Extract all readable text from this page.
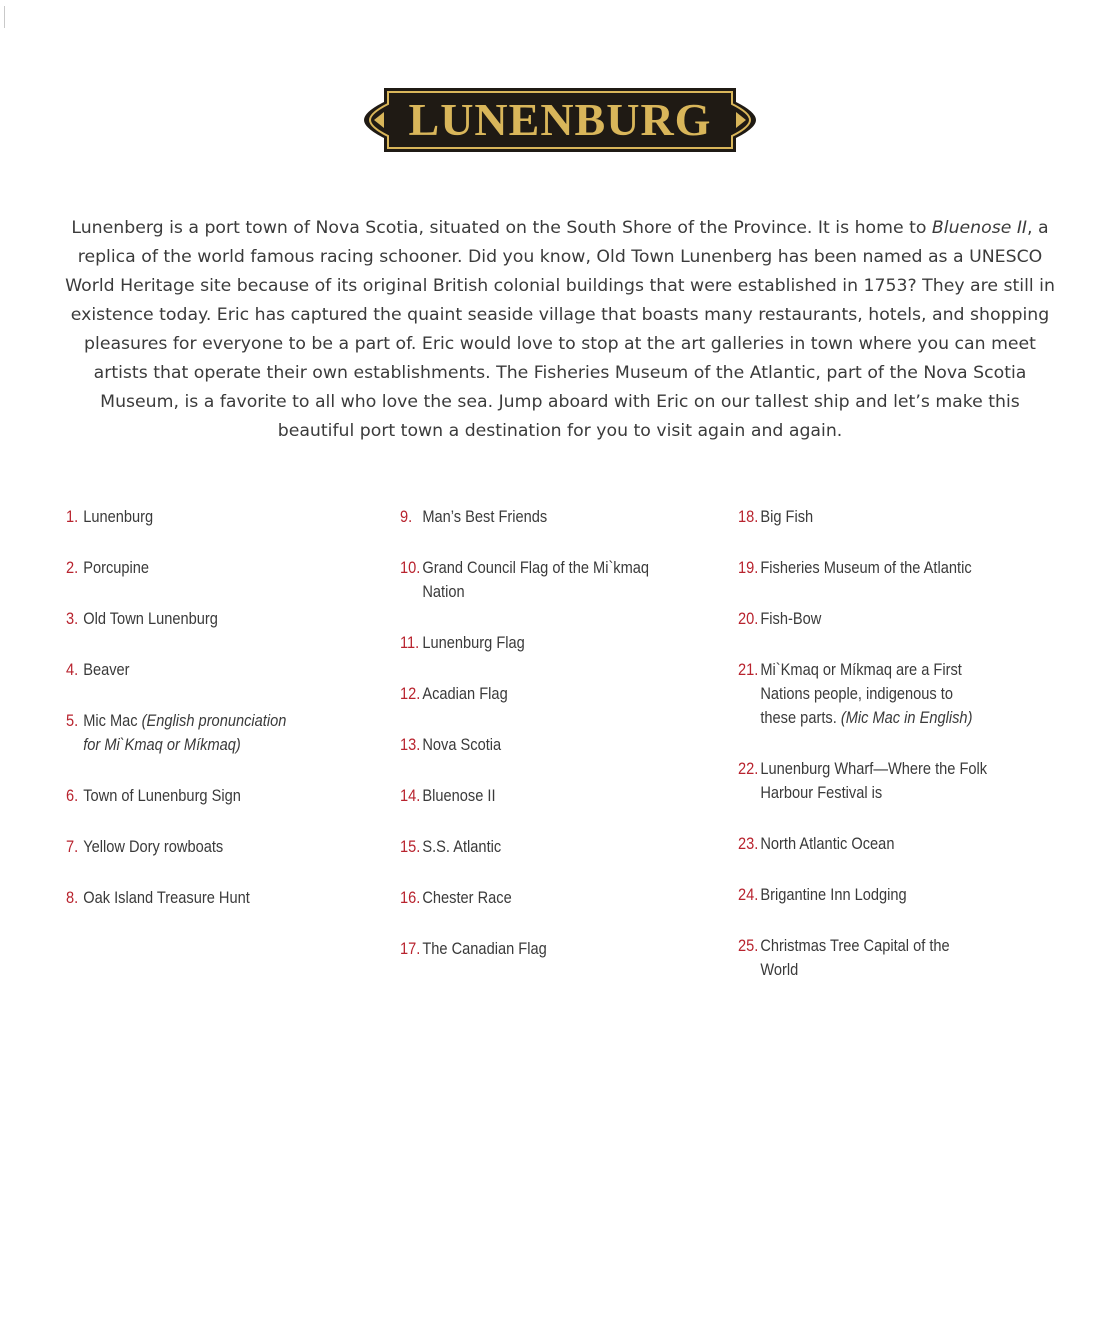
LUNENBURG

Lunenberg is a port town of Nova Scotia, situated on the South Shore of the Province. It is home to Bluenose II, a replica of the world famous racing schooner. Did you know, Old Town Lunenberg has been named as a UNESCO World Heritage site because of its original British colonial buildings that were established in 1753? They are still in existence today. Eric has captured the quaint seaside village that boasts many restaurants, hotels, and shopping pleasures for everyone to be a part of. Eric would love to stop at the art galleries in town where you can meet artists that operate their own establishments. The Fisheries Museum of the Atlantic, part of the Nova Scotia Museum, is a favorite to all who love the sea. Jump aboard with Eric on our tallest ship and let’s make this beautiful port town a destination for you to visit again and again.

1. Lunenburg
2. Porcupine
3. Old Town Lunenburg
4. Beaver
5. Mic Mac (English pronunciation for Mi`Kmaq or Míkmaq)
6. Town of Lunenburg Sign
7. Yellow Dory rowboats
8. Oak Island Treasure Hunt
9. Man’s Best Friends
10. Grand Council Flag of the Mi`kmaq Nation
11. Lunenburg Flag
12. Acadian Flag
13. Nova Scotia
14. Bluenose II
15. S.S. Atlantic
16. Chester Race
17. The Canadian Flag
18. Big Fish
19. Fisheries Museum of the Atlantic
20. Fish-Bow
21. Mi`Kmaq or Míkmaq are a First Nations people, indigenous to these parts. (Mic Mac in English)
22. Lunenburg Wharf—Where the Folk Harbour Festival is
23. North Atlantic Ocean
24. Brigantine Inn Lodging
25. Christmas Tree Capital of the World
